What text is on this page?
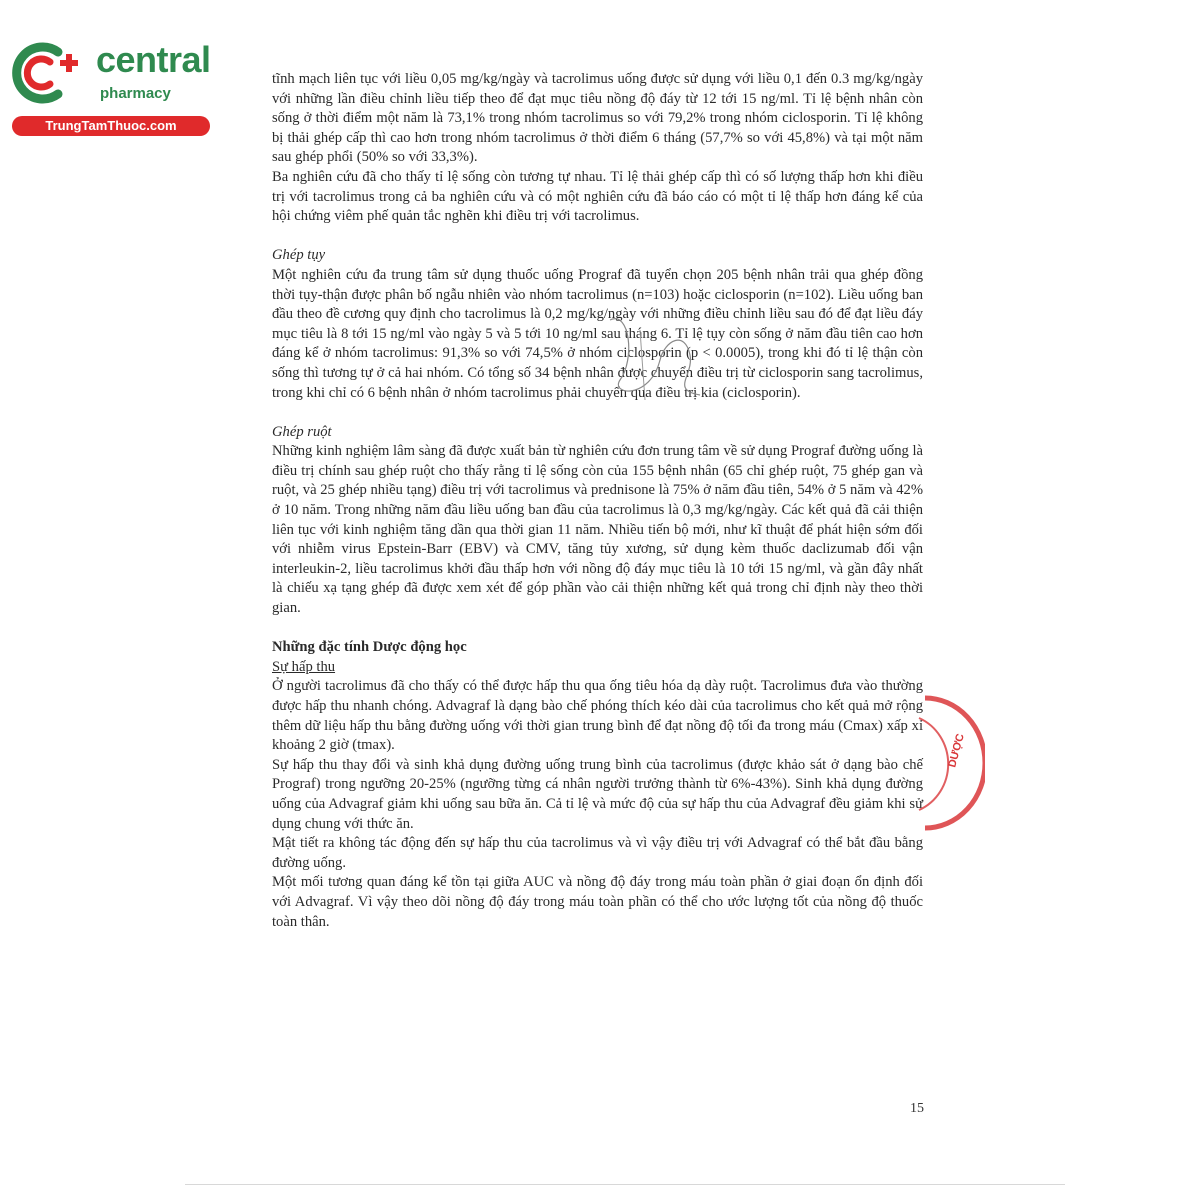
central
pharmacy
TrungTamThuoc.com

tĩnh mạch liên tục với liều 0,05 mg/kg/ngày và tacrolimus uống được sử dụng với liều 0,1 đến 0.3 mg/kg/ngày với những lần điều chỉnh liều tiếp theo để đạt mục tiêu nồng độ đáy từ 12 tới 15 ng/ml. Tỉ lệ bệnh nhân còn sống ở thời điểm một năm là 73,1% trong nhóm tacrolimus so với 79,2% trong nhóm ciclosporin. Tỉ lệ không bị thải ghép cấp thì cao hơn trong nhóm tacrolimus ở thời điểm 6 tháng (57,7% so với 45,8%) và tại một năm sau ghép phổi (50% so với 33,3%).

Ba nghiên cứu đã cho thấy tỉ lệ sống còn tương tự nhau. Tỉ lệ thải ghép cấp thì có số lượng thấp hơn khi điều trị với tacrolimus trong cả ba nghiên cứu và có một nghiên cứu đã báo cáo có một tỉ lệ thấp hơn đáng kể của hội chứng viêm phế quản tắc nghẽn khi điều trị với tacrolimus.

Ghép tụy

Một nghiên cứu đa trung tâm sử dụng thuốc uống Prograf đã tuyển chọn 205 bệnh nhân trải qua ghép đồng thời tụy-thận được phân bố ngẫu nhiên vào nhóm tacrolimus (n=103) hoặc ciclosporin (n=102). Liều uống ban đầu theo đề cương quy định cho tacrolimus là 0,2 mg/kg/ngày với những điều chỉnh liều sau đó để đạt liều đáy mục tiêu là 8 tới 15 ng/ml vào ngày 5 và 5 tới 10 ng/ml sau tháng 6. Tỉ lệ tụy còn sống ở năm đầu tiên cao hơn đáng kể ở nhóm tacrolimus: 91,3% so với 74,5% ở nhóm ciclosporin (p < 0.0005), trong khi đó tỉ lệ thận còn sống thì tương tự ở cả hai nhóm. Có tổng số 34 bệnh nhân được chuyển điều trị từ ciclosporin sang tacrolimus, trong khi chỉ có 6 bệnh nhân ở nhóm tacrolimus phải chuyển qua điều trị kia (ciclosporin).

Ghép ruột

Những kinh nghiệm lâm sàng đã được xuất bản từ nghiên cứu đơn trung tâm về sử dụng Prograf đường uống là điều trị chính sau ghép ruột cho thấy rằng tỉ lệ sống còn của 155 bệnh nhân (65 chỉ ghép ruột, 75 ghép gan và ruột, và 25 ghép nhiều tạng) điều trị với tacrolimus và prednisone là 75% ở năm đầu tiên, 54% ở 5 năm và 42% ở 10 năm. Trong những năm đầu liều uống ban đầu của tacrolimus là 0,3 mg/kg/ngày. Các kết quả đã cải thiện liên tục với kinh nghiệm tăng dần qua thời gian 11 năm. Nhiều tiến bộ mới, như kĩ thuật để phát hiện sớm đối với nhiễm virus Epstein-Barr (EBV) và CMV, tăng tủy xương, sử dụng kèm thuốc daclizumab đối vận interleukin-2, liều tacrolimus khởi đầu thấp hơn với nồng độ đáy mục tiêu là 10 tới 15 ng/ml, và gần đây nhất là chiếu xạ tạng ghép đã được xem xét để góp phần vào cải thiện những kết quả trong chỉ định này theo thời gian.

Những đặc tính Dược động học

Sự hấp thu

Ở người tacrolimus đã cho thấy có thể được hấp thu qua ống tiêu hóa dạ dày ruột. Tacrolimus đưa vào thường được hấp thu nhanh chóng. Advagraf là dạng bào chế phóng thích kéo dài của tacrolimus cho kết quả mở rộng thêm dữ liệu hấp thu bằng đường uống với thời gian trung bình để đạt nồng độ tối đa trong máu (Cmax) xấp xỉ khoảng 2 giờ (tmax).

Sự hấp thu thay đổi và sinh khả dụng đường uống trung bình của tacrolimus (được khảo sát ở dạng bào chế Prograf) trong ngưỡng 20-25% (ngưỡng từng cá nhân người trưởng thành từ 6%-43%). Sinh khả dụng đường uống của Advagraf giảm khi uống sau bữa ăn. Cả tỉ lệ và mức độ của sự hấp thu của Advagraf đều giảm khi sử dụng chung với thức ăn.

Mật tiết ra không tác động đến sự hấp thu của tacrolimus và vì vậy điều trị với Advagraf có thể bắt đầu bằng đường uống.

Một mối tương quan đáng kể tồn tại giữa AUC và nồng độ đáy trong máu toàn phần ở giai đoạn ổn định đối với Advagraf. Vì vậy theo dõi nồng độ đáy trong máu toàn phần có thể cho ước lượng tốt của nồng độ thuốc toàn thân.

DƯỢC
15
